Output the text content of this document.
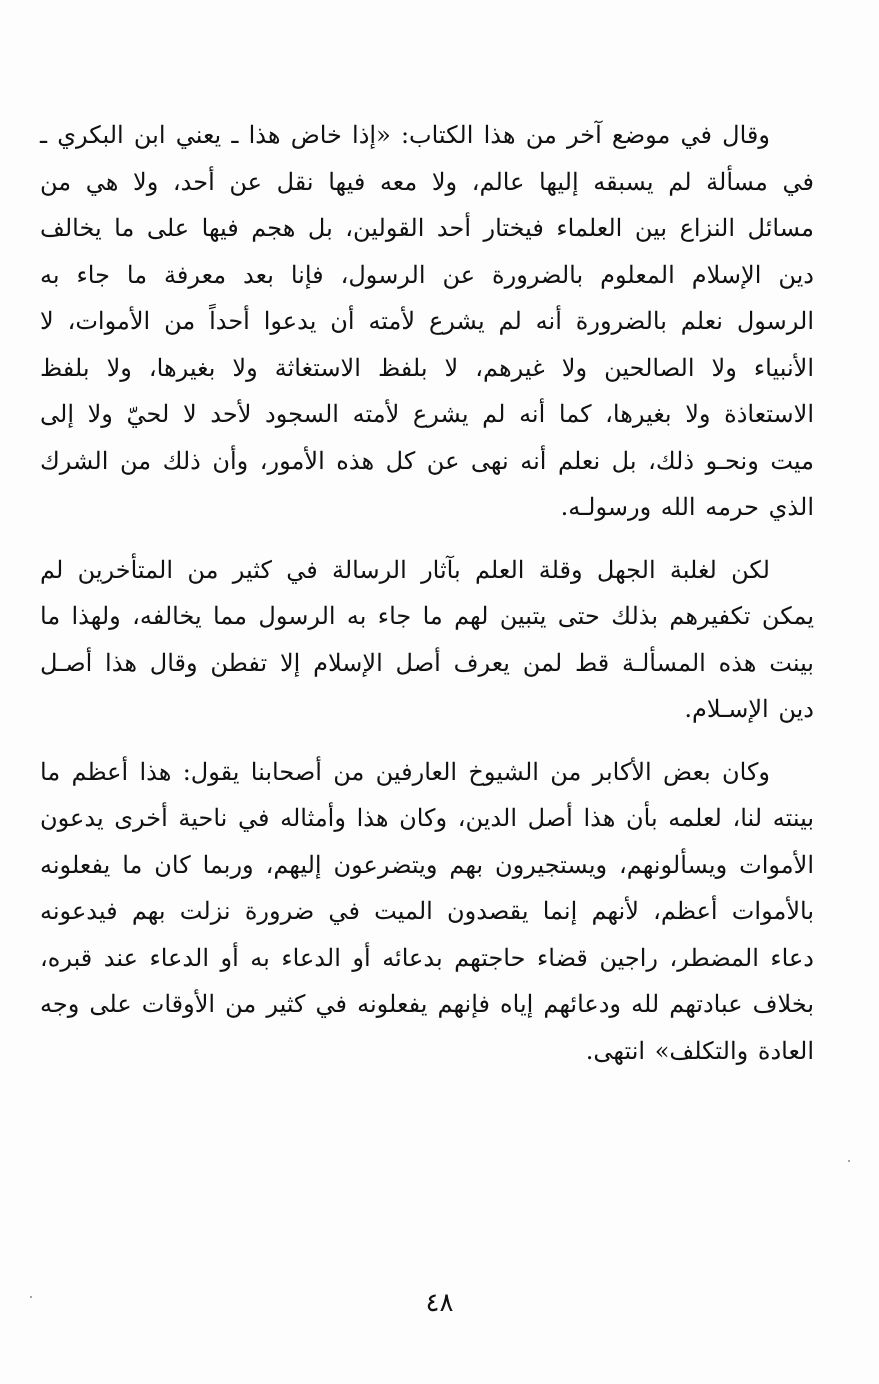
وقال في موضع آخر من هذا الكتاب: «إذا خاض هذا ـ يعني ابن البكري ـ في مسألة لم يسبقه إليها عالم، ولا معه فيها نقل عن أحد، ولا هي من مسائل النزاع بين العلماء فيختار أحد القولين، بل هجم فيها على ما يخالف دين الإسلام المعلوم بالضرورة عن الرسول، فإنا بعد معرفة ما جاء به الرسول نعلم بالضرورة أنه لم يشرع لأمته أن يدعوا أحداً من الأموات، لا الأنبياء ولا الصالحين ولا غيرهم، لا بلفظ الاستغاثة ولا بغيرها، ولا بلفظ الاستعاذة ولا بغيرها، كما أنه لم يشرع لأمته السجود لأحد لا لحيّ ولا إلى ميت ونحـو ذلك، بل نعلم أنه نهى عن كل هذه الأمور، وأن ذلك من الشرك الذي حرمه الله ورسولـه.

لكن لغلبة الجهل وقلة العلم بآثار الرسالة في كثير من المتأخرين لم يمكن تكفيرهم بذلك حتى يتبين لهم ما جاء به الرسول مما يخالفه، ولهذا ما بينت هذه المسألـة قط لمن يعرف أصل الإسلام إلا تفطن وقال هذا أصـل دين الإسـلام.

وكان بعض الأكابر من الشيوخ العارفين من أصحابنا يقول: هذا أعظم ما بينته لنا، لعلمه بأن هذا أصل الدين، وكان هذا وأمثاله في ناحية أخرى يدعون الأموات ويسألونهم، ويستجيرون بهم ويتضرعون إليهم، وربما كان ما يفعلونه بالأموات أعظم، لأنهم إنما يقصدون الميت في ضرورة نزلت بهم فيدعونه دعاء المضطر، راجين قضاء حاجتهم بدعائه أو الدعاء به أو الدعاء عند قبره، بخلاف عبادتهم لله ودعائهم إياه فإنهم يفعلونه في كثير من الأوقات على وجه العادة والتكلف» انتهى.

٤٨
